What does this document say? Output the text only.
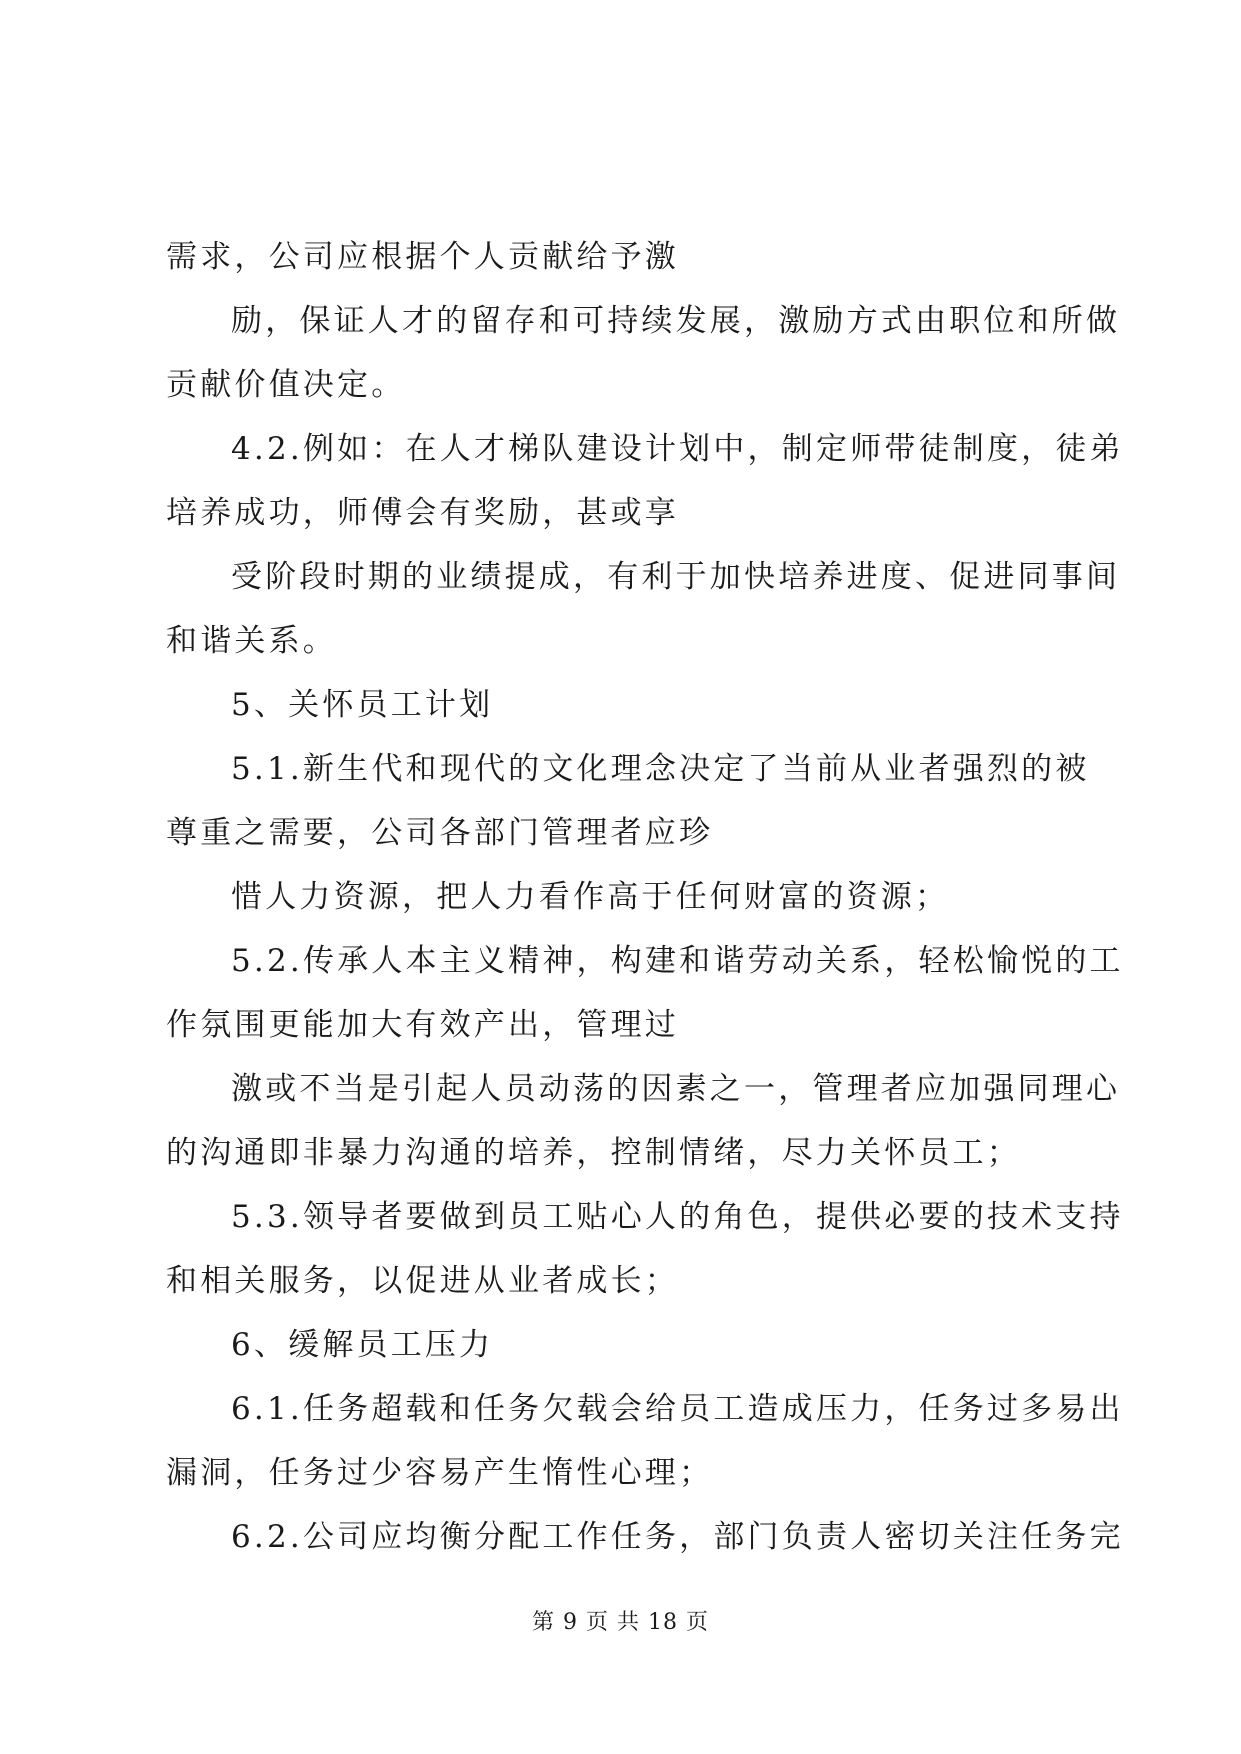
需求，公司应根据个人贡献给予激
励，保证人才的留存和可持续发展，激励方式由职位和所做
贡献价值决定。
4.2.例如：在人才梯队建设计划中，制定师带徒制度，徒弟
培养成功，师傅会有奖励，甚或享
受阶段时期的业绩提成，有利于加快培养进度、促进同事间
和谐关系。
5、关怀员工计划
5.1.新生代和现代的文化理念决定了当前从业者强烈的被
尊重之需要，公司各部门管理者应珍
惜人力资源，把人力看作高于任何财富的资源；
5.2.传承人本主义精神，构建和谐劳动关系，轻松愉悦的工
作氛围更能加大有效产出，管理过
激或不当是引起人员动荡的因素之一，管理者应加强同理心
的沟通即非暴力沟通的培养，控制情绪，尽力关怀员工；
5.3.领导者要做到员工贴心人的角色，提供必要的技术支持
和相关服务，以促进从业者成长；
6、缓解员工压力
6.1.任务超载和任务欠载会给员工造成压力，任务过多易出
漏洞，任务过少容易产生惰性心理；
6.2.公司应均衡分配工作任务，部门负责人密切关注任务完
第 9 页 共 18 页
